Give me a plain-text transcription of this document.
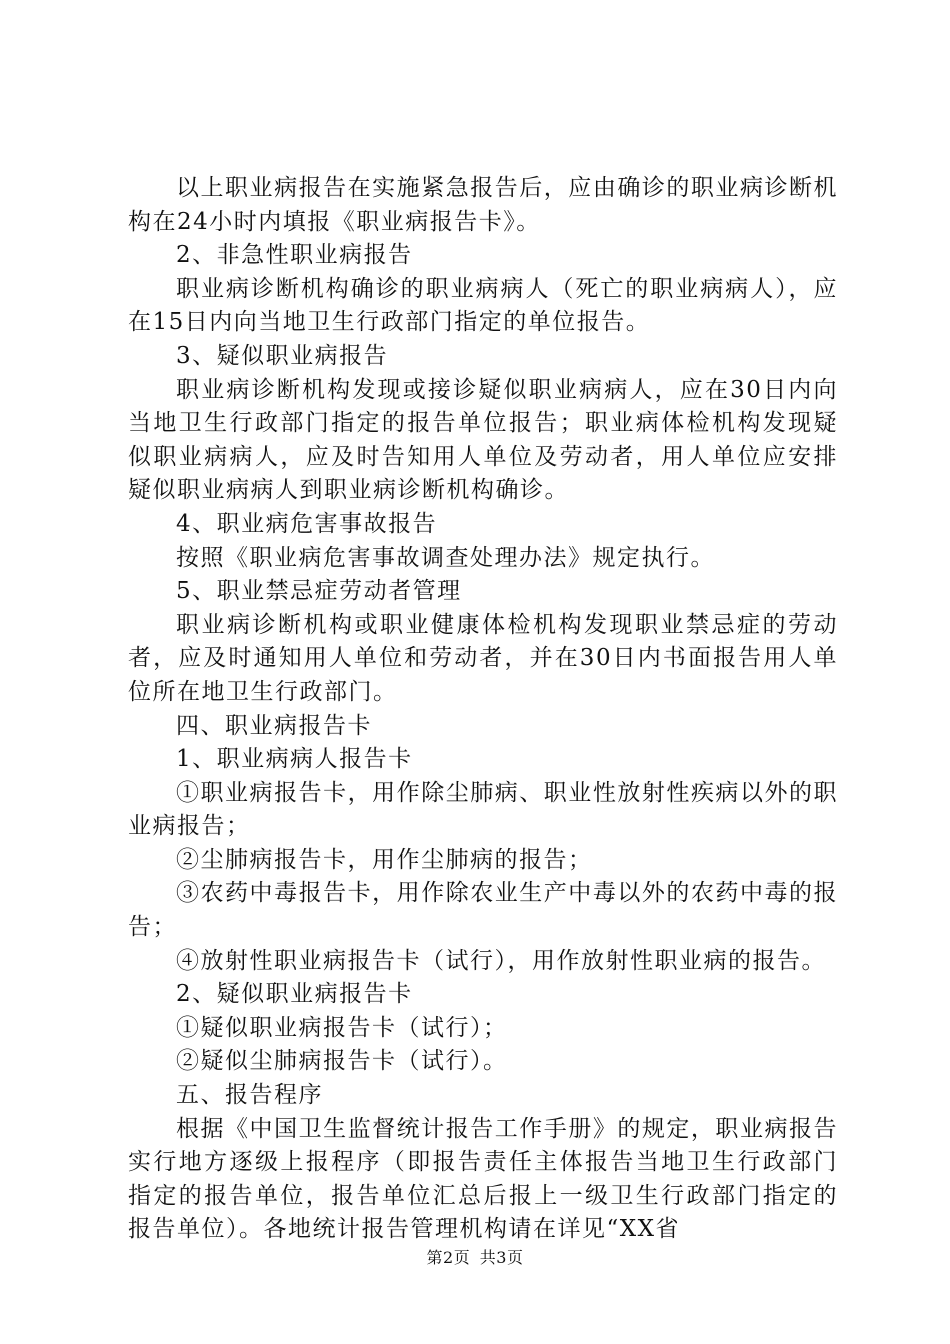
以上职业病报告在实施紧急报告后，应由确诊的职业病诊断机构在24小时内填报《职业病报告卡》。

2、非急性职业病报告

职业病诊断机构确诊的职业病病人（死亡的职业病病人），应在15日内向当地卫生行政部门指定的单位报告。

3、疑似职业病报告

职业病诊断机构发现或接诊疑似职业病病人，应在30日内向当地卫生行政部门指定的报告单位报告；职业病体检机构发现疑似职业病病人，应及时告知用人单位及劳动者，用人单位应安排疑似职业病病人到职业病诊断机构确诊。

4、职业病危害事故报告

按照《职业病危害事故调查处理办法》规定执行。

5、职业禁忌症劳动者管理

职业病诊断机构或职业健康体检机构发现职业禁忌症的劳动者，应及时通知用人单位和劳动者，并在30日内书面报告用人单位所在地卫生行政部门。

四、职业病报告卡

1、职业病病人报告卡

①职业病报告卡，用作除尘肺病、职业性放射性疾病以外的职业病报告；

②尘肺病报告卡，用作尘肺病的报告；

③农药中毒报告卡，用作除农业生产中毒以外的农药中毒的报告；

④放射性职业病报告卡（试行），用作放射性职业病的报告。

2、疑似职业病报告卡

①疑似职业病报告卡（试行）；

②疑似尘肺病报告卡（试行）。

五、报告程序

根据《中国卫生监督统计报告工作手册》的规定，职业病报告实行地方逐级上报程序（即报告责任主体报告当地卫生行政部门指定的报告单位，报告单位汇总后报上一级卫生行政部门指定的报告单位）。各地统计报告管理机构请在详见“XX省

第2页 共3页
